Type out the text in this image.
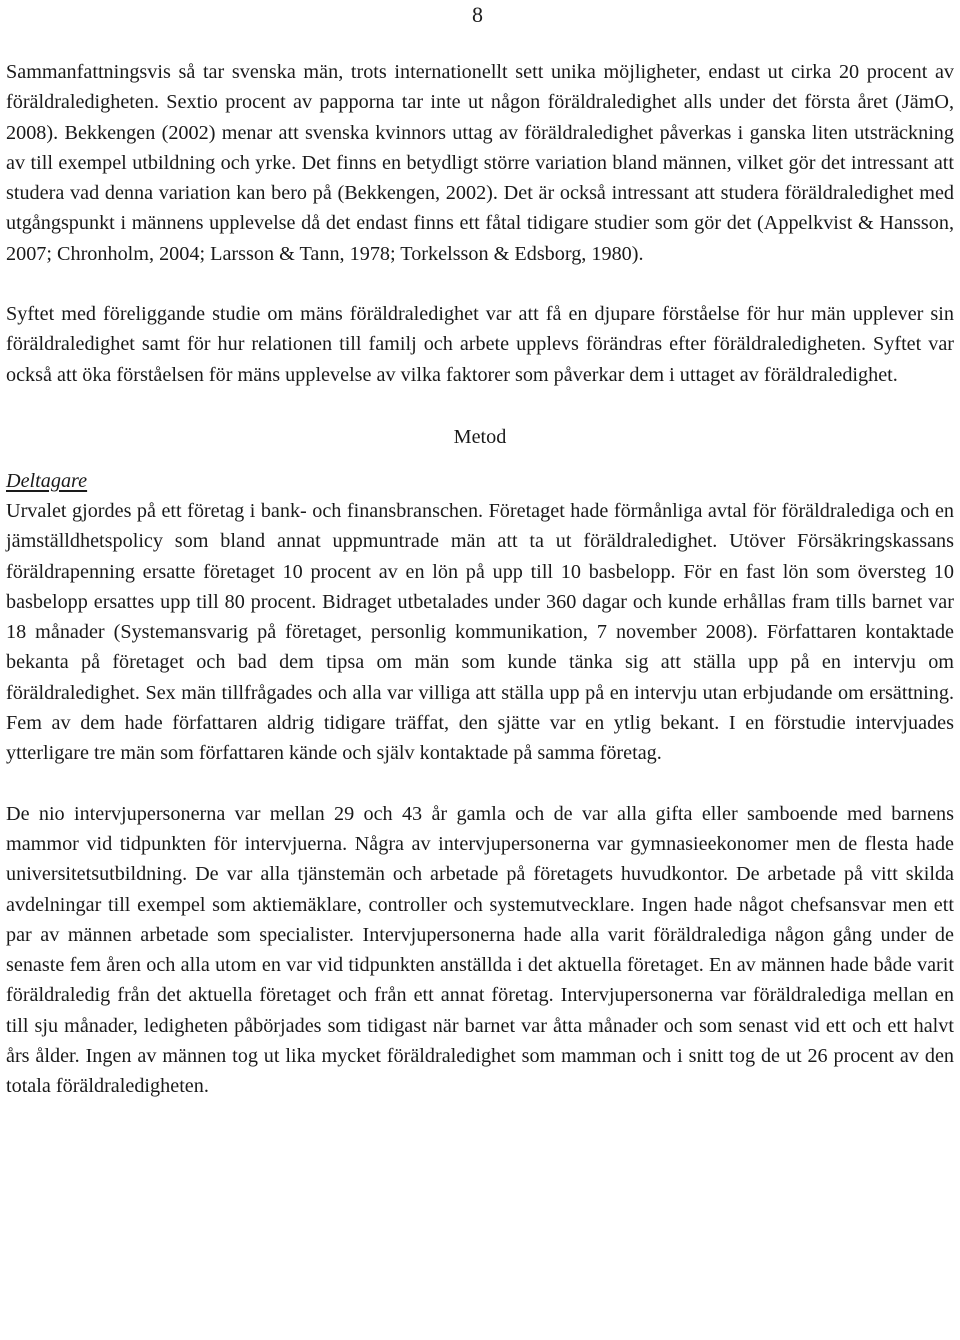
8

Sammanfattningsvis så tar svenska män, trots internationellt sett unika möjligheter, endast ut cirka 20 procent av föräldraledigheten. Sextio procent av papporna tar inte ut någon föräldraledighet alls under det första året (JämO, 2008). Bekkengen (2002) menar att svenska kvinnors uttag av föräldraledighet påverkas i ganska liten utsträckning av till exempel utbildning och yrke. Det finns en betydligt större variation bland männen, vilket gör det intressant att studera vad denna variation kan bero på (Bekkengen, 2002). Det är också intressant att studera föräldraledighet med utgångspunkt i männens upplevelse då det endast finns ett fåtal tidigare studier som gör det (Appelkvist & Hansson, 2007; Chronholm, 2004; Larsson & Tann, 1978; Torkelsson & Edsborg, 1980).

Syftet med föreliggande studie om mäns föräldraledighet var att få en djupare förståelse för hur män upplever sin föräldraledighet samt för hur relationen till familj och arbete upplevs förändras efter föräldraledigheten. Syftet var också att öka förståelsen för mäns upplevelse av vilka faktorer som påverkar dem i uttaget av föräldraledighet.

Metod
Deltagare

Urvalet gjordes på ett företag i bank- och finansbranschen. Företaget hade förmånliga avtal för föräldralediga och en jämställdhetspolicy som bland annat uppmuntrade män att ta ut föräldraledighet. Utöver Försäkringskassans föräldrapenning ersatte företaget 10 procent av en lön på upp till 10 basbelopp. För en fast lön som översteg 10 basbelopp ersattes upp till 80 procent. Bidraget utbetalades under 360 dagar och kunde erhållas fram tills barnet var 18 månader (Systemansvarig på företaget, personlig kommunikation, 7 november 2008). Författaren kontaktade bekanta på företaget och bad dem tipsa om män som kunde tänka sig att ställa upp på en intervju om föräldraledighet. Sex män tillfrågades och alla var villiga att ställa upp på en intervju utan erbjudande om ersättning. Fem av dem hade författaren aldrig tidigare träffat, den sjätte var en ytlig bekant. I en förstudie intervjuades ytterligare tre män som författaren kände och själv kontaktade på samma företag.

De nio intervjupersonerna var mellan 29 och 43 år gamla och de var alla gifta eller samboende med barnens mammor vid tidpunkten för intervjuerna. Några av intervjupersonerna var gymnasieekonomer men de flesta hade universitetsutbildning. De var alla tjänstemän och arbetade på företagets huvudkontor. De arbetade på vitt skilda avdelningar till exempel som aktiemäklare, controller och systemutvecklare. Ingen hade något chefsansvar men ett par av männen arbetade som specialister. Intervjupersonerna hade alla varit föräldralediga någon gång under de senaste fem åren och alla utom en var vid tidpunkten anställda i det aktuella företaget. En av männen hade både varit föräldraledig från det aktuella företaget och från ett annat företag. Intervjupersonerna var föräldralediga mellan en till sju månader, ledigheten påbörjades som tidigast när barnet var åtta månader och som senast vid ett och ett halvt års ålder. Ingen av männen tog ut lika mycket föräldraledighet som mamman och i snitt tog de ut 26 procent av den totala föräldraledigheten.
